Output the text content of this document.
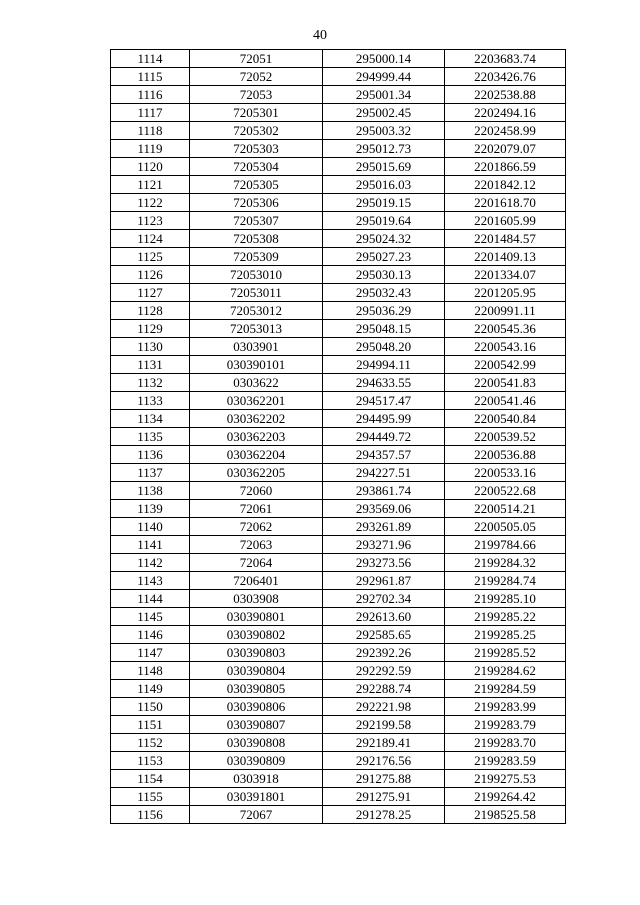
40
1114	72051	295000.14	2203683.74
1115	72052	294999.44	2203426.76
1116	72053	295001.34	2202538.88
1117	7205301	295002.45	2202494.16
1118	7205302	295003.32	2202458.99
1119	7205303	295012.73	2202079.07
1120	7205304	295015.69	2201866.59
1121	7205305	295016.03	2201842.12
1122	7205306	295019.15	2201618.70
1123	7205307	295019.64	2201605.99
1124	7205308	295024.32	2201484.57
1125	7205309	295027.23	2201409.13
1126	72053010	295030.13	2201334.07
1127	72053011	295032.43	2201205.95
1128	72053012	295036.29	2200991.11
1129	72053013	295048.15	2200545.36
1130	0303901	295048.20	2200543.16
1131	030390101	294994.11	2200542.99
1132	0303622	294633.55	2200541.83
1133	030362201	294517.47	2200541.46
1134	030362202	294495.99	2200540.84
1135	030362203	294449.72	2200539.52
1136	030362204	294357.57	2200536.88
1137	030362205	294227.51	2200533.16
1138	72060	293861.74	2200522.68
1139	72061	293569.06	2200514.21
1140	72062	293261.89	2200505.05
1141	72063	293271.96	2199784.66
1142	72064	293273.56	2199284.32
1143	7206401	292961.87	2199284.74
1144	0303908	292702.34	2199285.10
1145	030390801	292613.60	2199285.22
1146	030390802	292585.65	2199285.25
1147	030390803	292392.26	2199285.52
1148	030390804	292292.59	2199284.62
1149	030390805	292288.74	2199284.59
1150	030390806	292221.98	2199283.99
1151	030390807	292199.58	2199283.79
1152	030390808	292189.41	2199283.70
1153	030390809	292176.56	2199283.59
1154	0303918	291275.88	2199275.53
1155	030391801	291275.91	2199264.42
1156	72067	291278.25	2198525.58
